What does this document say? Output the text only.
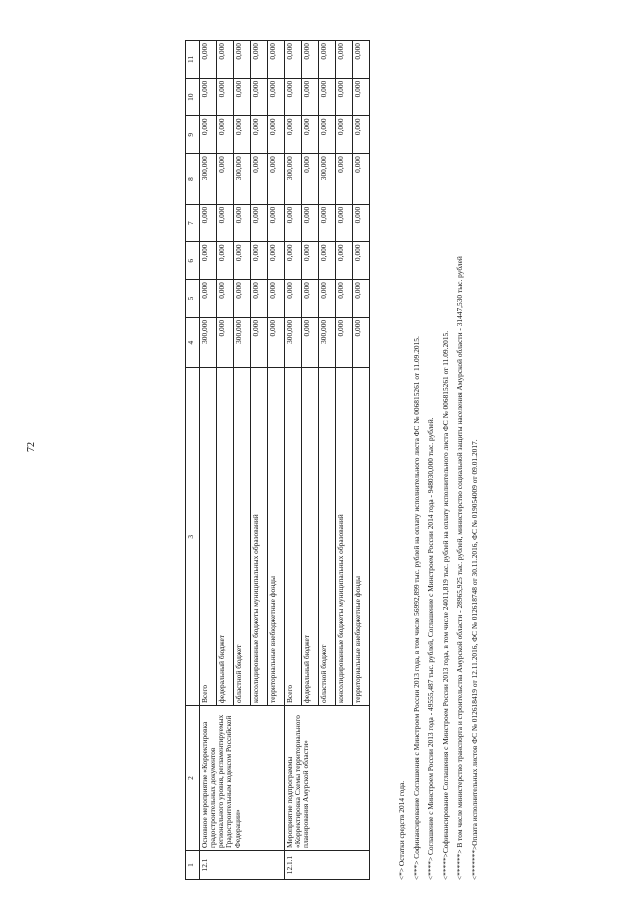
72
1	2	3	4	5	6	7	8	9	10	11
12.1	Основное мероприятие «Корректировка градостроительных документов регионального уровня, регламентируемых Градостроительным кодексом Российской Федерации»	Всего	300,000	0,000	0,000	0,000	300,000	0,000	0,000	0,000
		федеральный бюджет	0,000	0,000	0,000	0,000	0,000	0,000	0,000	0,000
		областной бюджет	300,000	0,000	0,000	0,000	300,000	0,000	0,000	0,000
		консолидированные бюджеты муниципальных образований	0,000	0,000	0,000	0,000	0,000	0,000	0,000	0,000
		территориальные внебюджетные фонды	0,000	0,000	0,000	0,000	0,000	0,000	0,000	0,000
12.1.1	Мероприятие подпрограммы «Корректировка Схемы территориального планирования Амурской области»	Всего	300,000	0,000	0,000	0,000	300,000	0,000	0,000	0,000
		федеральный бюджет	0,000	0,000	0,000	0,000	0,000	0,000	0,000	0,000
		областной бюджет	300,000	0,000	0,000	0,000	300,000	0,000	0,000	0,000
		консолидированные бюджеты муниципальных образований	0,000	0,000	0,000	0,000	0,000	0,000	0,000	0,000
		территориальные внебюджетные фонды	0,000	0,000	0,000	0,000	0,000	0,000	0,000	0,000
<*> Остатки средств 2014 года. <***> Софинансирование Соглашения с Минстроем России 2013 года, в том числе 56992,899 тыс. рублей на оплату исполнительного листа ФС № 006815261 от 11.09.2015. <****> Соглашение с Минстроем России 2013 года - 49555,487 тыс. рублей, Соглашение с Минстроем России 2014 года - 948030,000 тыс. рублей. <*****>Софинансирование Соглашения с Минстроем России 2013 года, в том числе 24011,819 тыс. рублей на оплату исполнительного листа ФС № 006815261 от 11.09.2015. <******> В том числе министерство транспорта и строительства Амурской области - 28965,925 тыс. рублей, министерство социальной защиты населения Амурской области - 31447,530 тыс. рублей <*******>Оплата исполнительных листов ФС № 012618419 от 12.11.2016, ФС № 012618748 от 30.11.2016, ФС № 019054009 от 09.01.2017.
